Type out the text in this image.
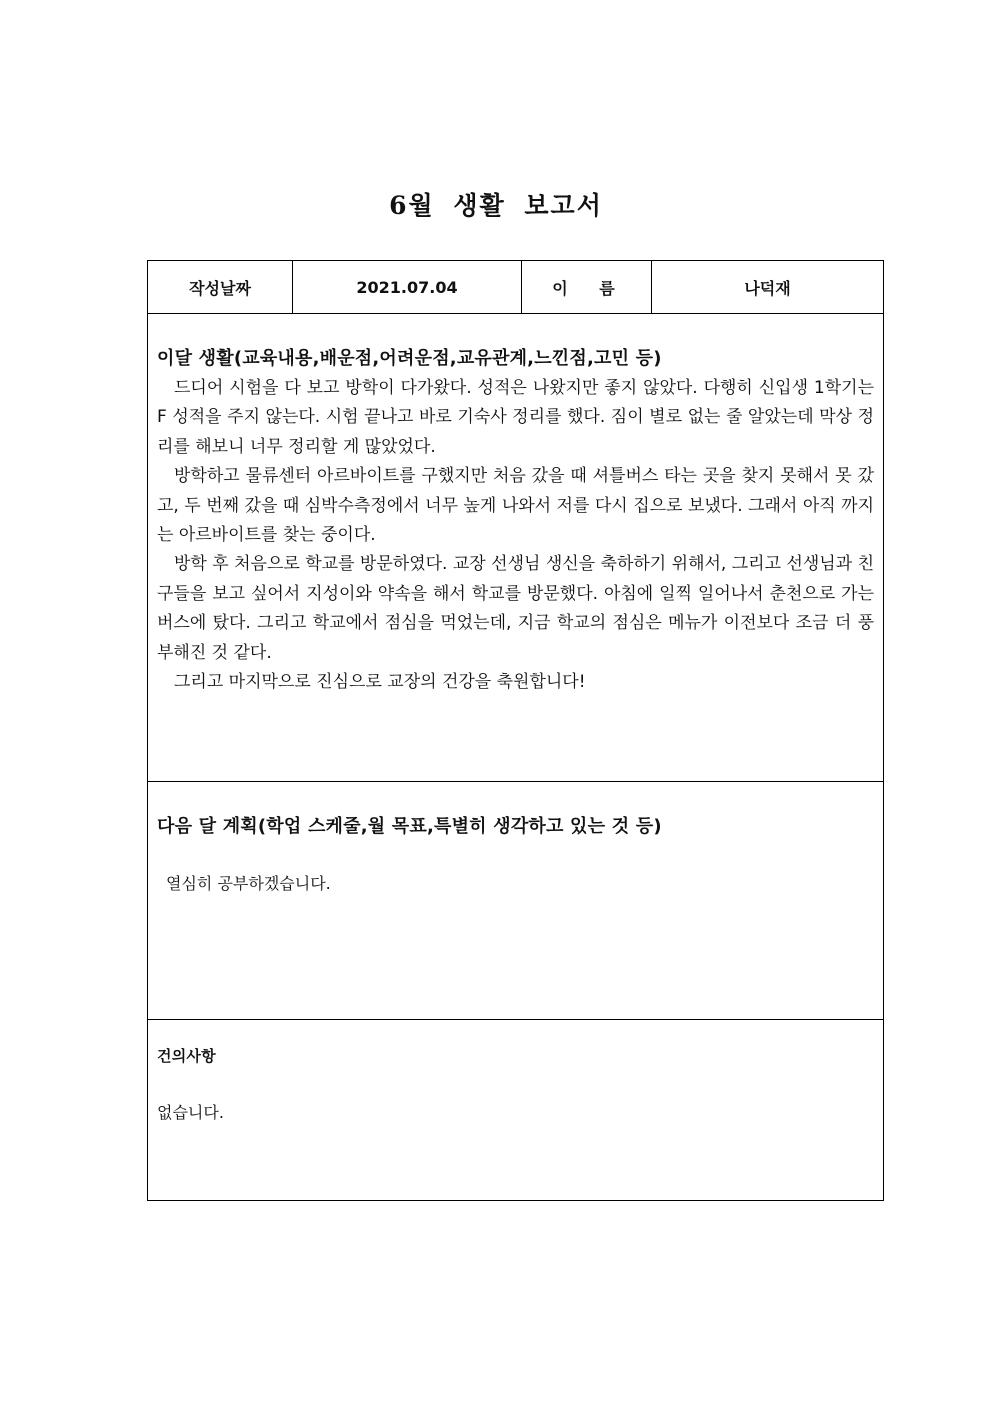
6월 생활 보고서
작성날짜	2021.07.04	이 름	나덕재
이달 생활(교육내용,배운점,어려운점,교유관계,느낀점,고민 등)

드디어 시험을 다 보고 방학이 다가왔다. 성적은 나왔지만 좋지 않았다. 다행히 신입생 1학기는 F 성적을 주지 않는다. 시험 끝나고 바로 기숙사 정리를 했다. 짐이 별로 없는 줄 알았는데 막상 정리를 해보니 너무 정리할 게 많았었다.

방학하고 물류센터 아르바이트를 구했지만 처음 갔을 때 셔틀버스 타는 곳을 찾지 못해서 못 갔고, 두 번째 갔을 때 심박수측정에서 너무 높게 나와서 저를 다시 집으로 보냈다. 그래서 아직 까지는 아르바이트를 찾는 중이다.

방학 후 처음으로 학교를 방문하였다. 교장 선생님 생신을 축하하기 위해서, 그리고 선생님과 친구들을 보고 싶어서 지성이와 약속을 해서 학교를 방문했다. 아침에 일찍 일어나서 춘천으로 가는 버스에 탔다. 그리고 학교에서 점심을 먹었는데, 지금 학교의 점심은 메뉴가 이전보다 조금 더 풍부해진 것 같다.

그리고 마지막으로 진심으로 교장의 건강을 축원합니다!

다음 달 계획(학업 스케줄,월 목표,특별히 생각하고 있는 것 등)
열심히 공부하겠습니다.
건의사항
없습니다.
